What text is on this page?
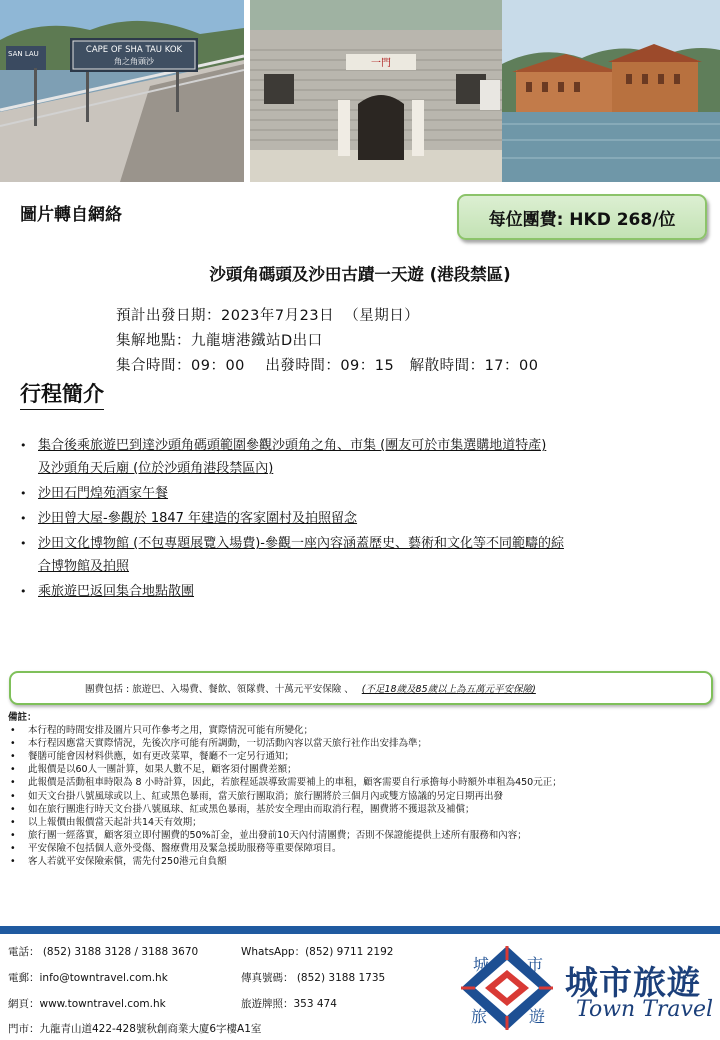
CAPE OF SHA TAU KOK
角之角頭沙
SAN LAU
一門
圖片轉自網絡	每位團費: HKD 268/位
沙頭角碼頭及沙田古蹟一天遊 (港段禁區)
預計出發日期：2023年7月23日  （星期日）
集解地點：九龍塘港鐵站D出口
集合時間：09：00    出發時間：09：15   解散時間：17：00
行程簡介
• 集合後乘旅遊巴到達沙頭角碼頭範圍參觀沙頭角之角、市集 (團友可於市集選購地道特產)
及沙頭角天后廟 (位於沙頭角港段禁區內)
• 沙田石門煌苑酒家午餐
• 沙田曾大屋-參觀於 1847 年建造的客家圍村及拍照留念
• 沙田文化博物館 (不包專題展覽入場費)-參觀一座內容涵蓋歷史、藝術和文化等不同範疇的綜
合博物館及拍照
• 乘旅遊巴返回集合地點散團
團費包括 : 旅遊巴、入場費、餐飲、領隊費、十萬元平安保險 、 (不足18歲及85歲以上為五萬元平安保險)
備註：
• 本行程的時間安排及圖片只可作參考之用，實際情況可能有所變化；
• 本行程因應當天實際情況，先後次序可能有所調動，一切活動內容以當天旅行社作出安排為準；
• 餐膳可能會因材料供應，如有更改菜單，餐廳不一定另行通知；
• 此報價是以60人一團計算，如果人數不足，顧客須付團費差額；
• 此報價是活動租車時限為 8 小時計算，因此，若旅程延誤導致需要補上的車租，顧客需要自行承擔每小時額外車租為450元正；
• 如天文台掛八號風球或以上、紅或黑色暴雨，當天旅行團取消；旅行團將於三個月內或雙方協議的另定日期再出發
• 如在旅行團進行時天文台掛八號風球、紅或黑色暴雨，基於安全理由而取消行程，團費將不獲退款及補償；
• 以上報價由報價當天起計共14天有效期；
• 旅行團一經落實，顧客須立即付團費的50%訂金，並出發前10天內付清團費；否則不保證能提供上述所有服務和內容；
• 平安保險不包括個人意外受傷、醫療費用及緊急援助服務等重要保障項目。
• 客人若就平安保險索償，需先付250港元自負額
電話： (852) 3188 3128 / 3188 3670
電郵：info@towntravel.com.hk
網頁：www.towntravel.com.hk
WhatsApp：(852) 9711 2192
傳真號碼： (852) 3188 1735
旅遊牌照：353 474
門市：九龍青山道422-428號秋創商業大廈6字樓A1室
城 市
旅	遊
城市旅遊
Town Travel
